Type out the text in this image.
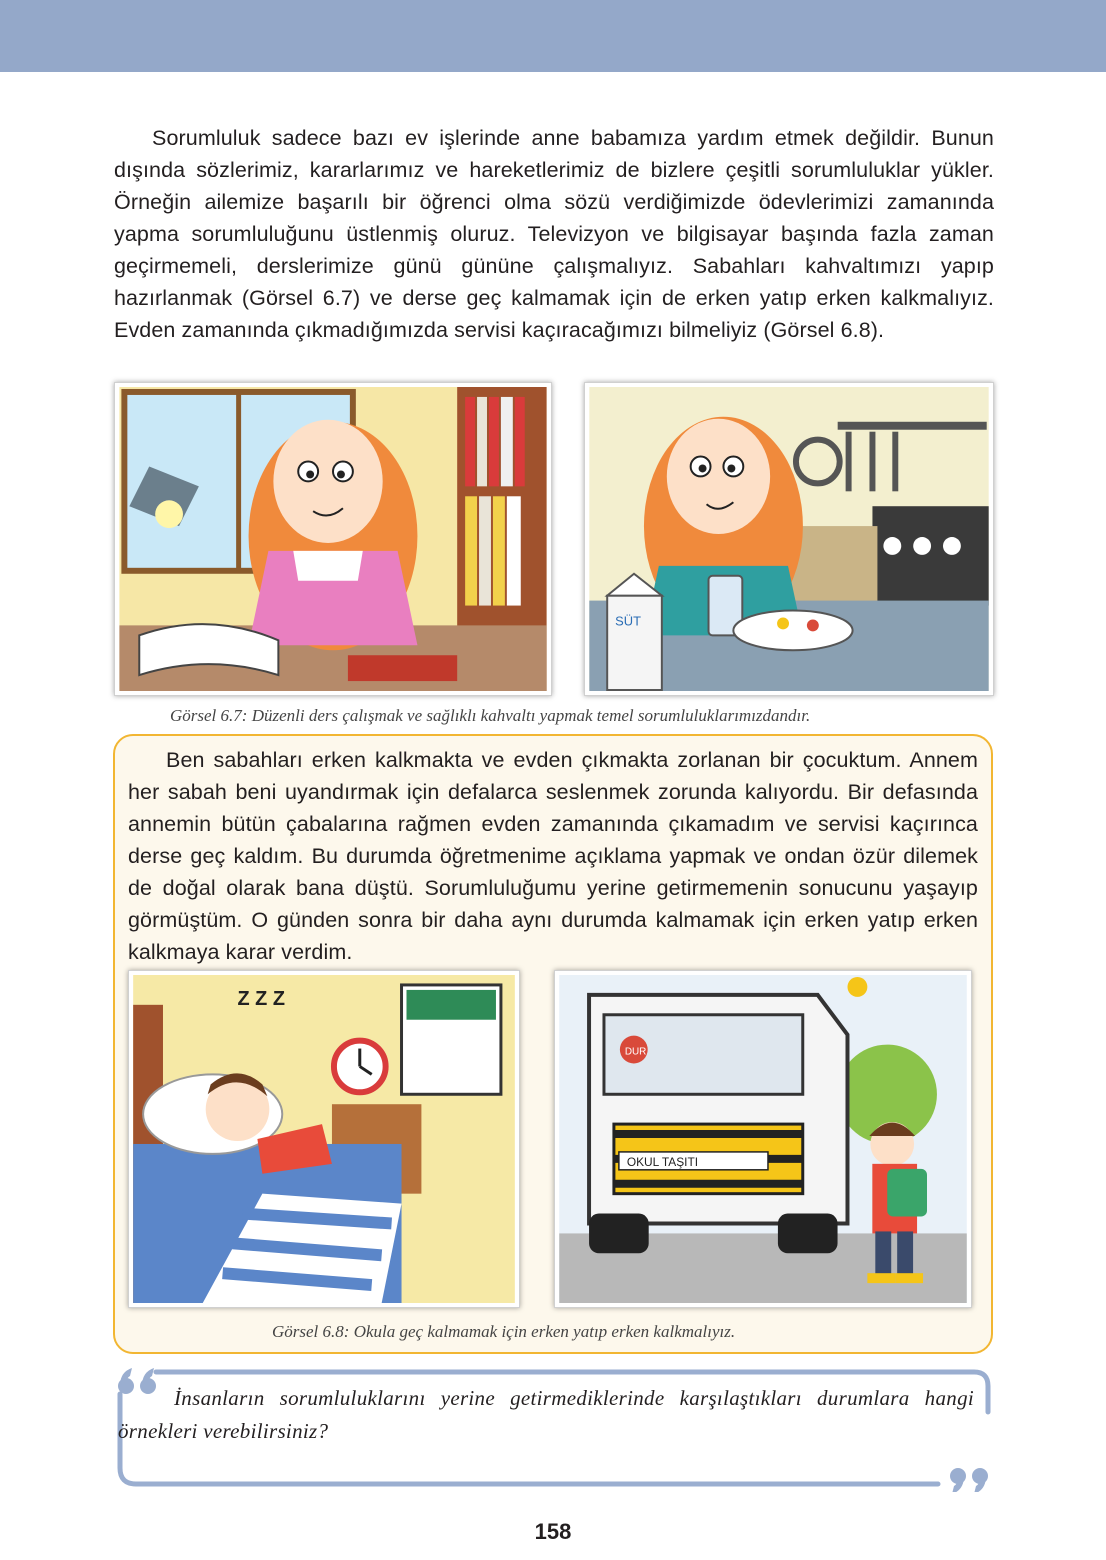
Sorumluluk sadece bazı ev işlerinde anne babamıza yardım etmek değildir. Bunun dışında sözlerimiz, kararlarımız ve hareketlerimiz de bizlere çeşitli sorumluluklar yükler. Örneğin ailemize başarılı bir öğrenci olma sözü verdiğimizde ödevlerimizi zamanında yapma sorumluluğunu üstlenmiş oluruz. Televizyon ve bilgisayar başında fazla zaman geçirmemeli, derslerimize günü gününe çalışmalıyız. Sabahları kahvaltımızı yapıp hazırlanmak (Görsel 6.7) ve derse geç kalmamak için de erken yatıp erken kalkmalıyız. Evden zamanında çıkmadığımızda servisi kaçıracağımızı bilmeliyiz (Görsel 6.8).

SÜT
Görsel 6.7: Düzenli ders çalışmak ve sağlıklı kahvaltı yapmak temel sorumluluklarımızdandır.

Ben sabahları erken kalkmakta ve evden çıkmakta zorlanan bir çocuktum. Annem her sabah beni uyandırmak için defalarca seslenmek zorunda kalıyordu. Bir defasında annemin bütün çabalarına rağmen evden zamanında çıkamadım ve servisi kaçırınca derse geç kaldım. Bu durumda öğretmenime açıklama yapmak ve ondan özür dilemek de doğal olarak bana düştü. Sorumluluğumu yerine getirmemenin sonucunu yaşayıp görmüştüm. O günden sonra bir daha aynı durumda kalmamak için erken yatıp erken kalkmaya karar verdim.

Z Z Z
DUR
OKUL TAŞITI
Görsel 6.8: Okula geç kalmamak için erken yatıp erken kalkmalıyız.

İnsanların sorumluluklarını yerine getirmediklerinde karşılaştıkları durumlara hangi örnekleri verebilirsiniz?

158
